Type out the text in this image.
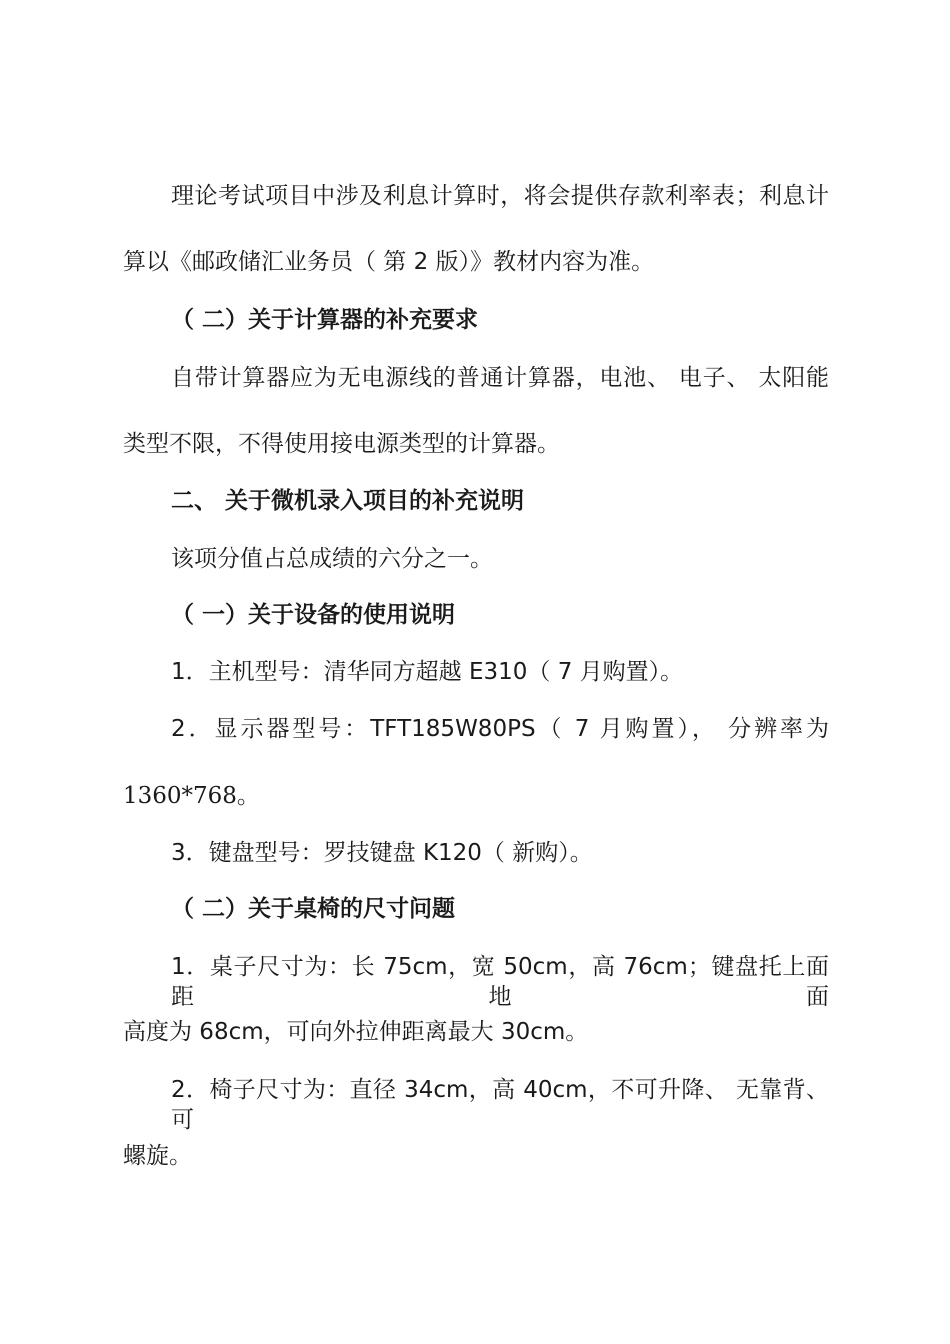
理论考试项目中涉及利息计算时，将会提供存款利率表；利息计
算以《邮政储汇业务员（ 第 2 版）》教材内容为准。
（ 二）关于计算器的补充要求
自带计算器应为无电源线的普通计算器，电池、 电子、 太阳能
类型不限，不得使用接电源类型的计算器。
二、 关于微机录入项目的补充说明
该项分值占总成绩的六分之一。
（ 一）关于设备的使用说明
1．主机型号：清华同方超越 E310（ 7 月购置）。
2．显示器型号：TFT185W80PS（ 7 月购置）， 分辨率为
1360*768。
3．键盘型号：罗技键盘 K120（ 新购）。
（ 二）关于桌椅的尺寸问题
1．桌子尺寸为：长 75cm，宽 50cm，高 76cm；键盘托上面距地面
高度为 68cm，可向外拉伸距离最大 30cm。
2．椅子尺寸为：直径 34cm，高 40cm，不可升降、 无靠背、 可
螺旋。
